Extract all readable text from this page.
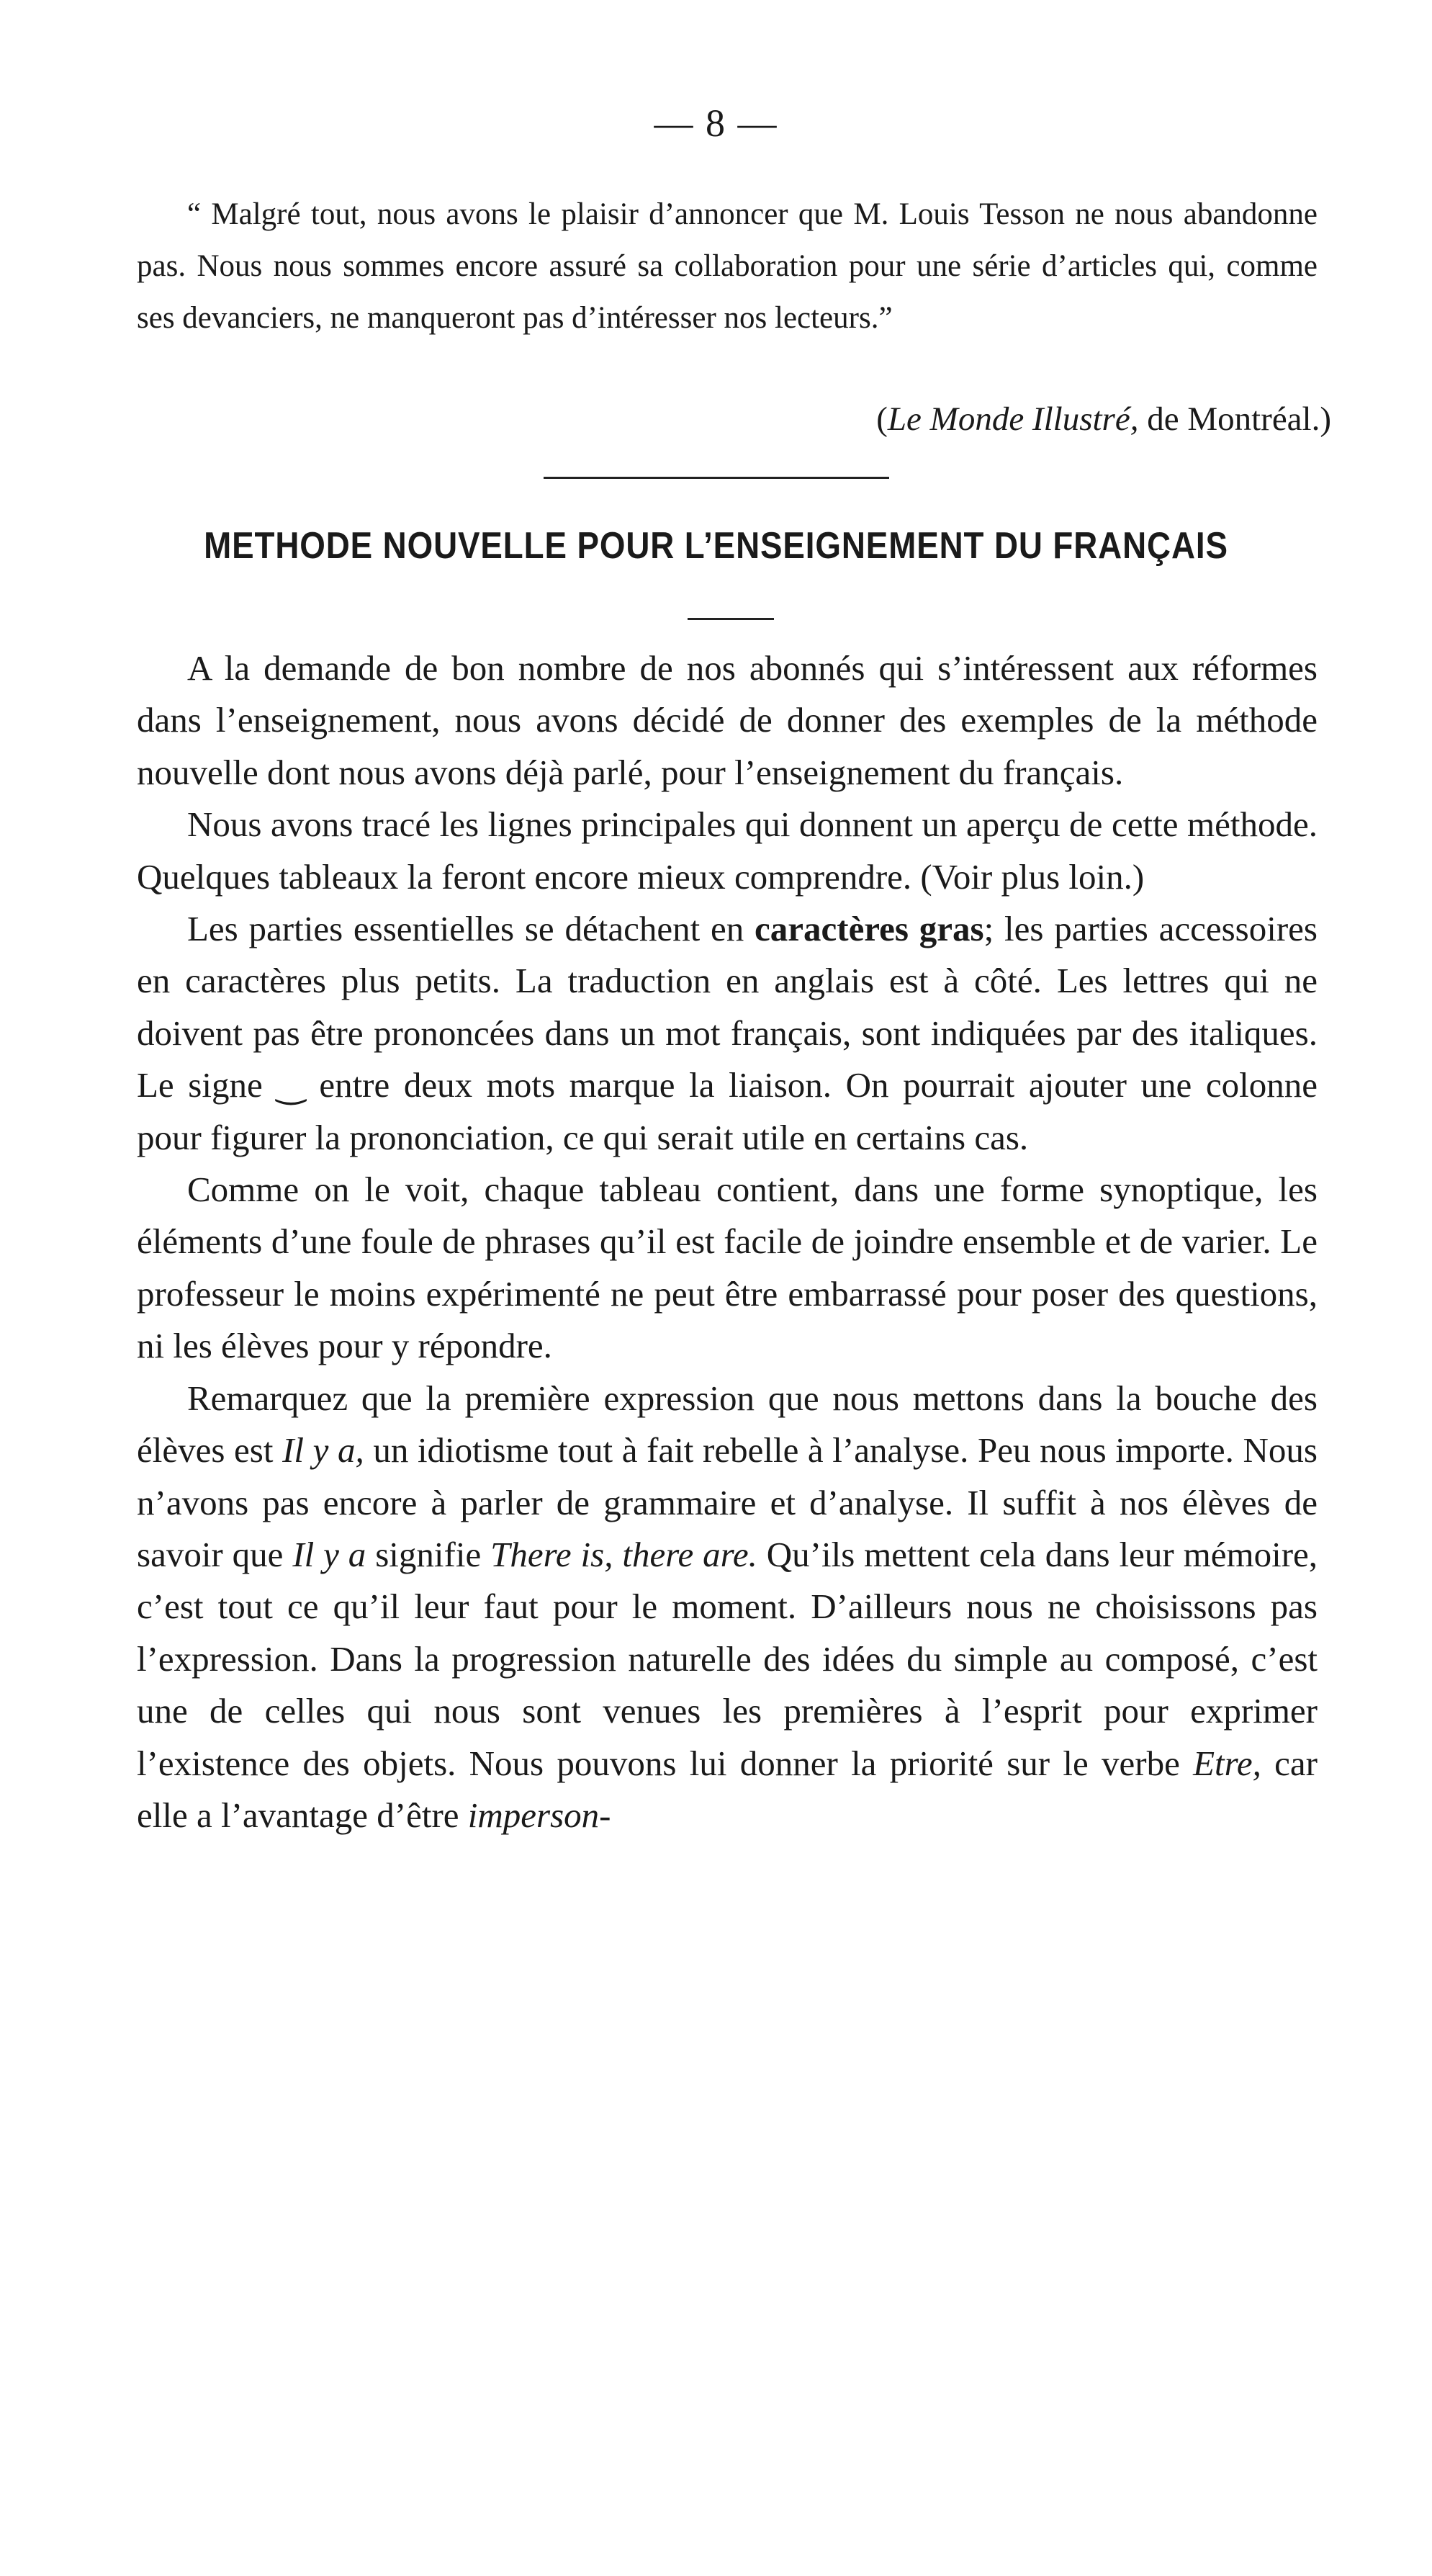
— 8 —

“ Malgré tout, nous avons le plaisir d’annoncer que M. Louis Tesson ne nous abandonne pas. Nous nous sommes encore assuré sa collaboration pour une série d’articles qui, comme ses devanciers, ne manqueront pas d’intéresser nos lecteurs.”

(Le Monde Illustré, de Montréal.)
METHODE NOUVELLE POUR L’ENSEIGNEMENT DU FRANÇAIS

A la demande de bon nombre de nos abonnés qui s’intéressent aux réformes dans l’enseignement, nous avons décidé de donner des exemples de la méthode nouvelle dont nous avons déjà parlé, pour l’enseignement du français.

Nous avons tracé les lignes principales qui donnent un aperçu de cette méthode. Quelques tableaux la feront encore mieux comprendre. (Voir plus loin.)

Les parties essentielles se détachent en caractères gras; les parties accessoires en caractères plus petits. La traduction en anglais est à côté. Les lettres qui ne doivent pas être prononcées dans un mot français, sont indiquées par des italiques. Le signe ‿ entre deux mots marque la liaison. On pourrait ajouter une colonne pour figurer la prononciation, ce qui serait utile en certains cas.

Comme on le voit, chaque tableau contient, dans une forme synoptique, les éléments d’une foule de phrases qu’il est facile de joindre ensemble et de varier. Le professeur le moins expérimenté ne peut être embarrassé pour poser des questions, ni les élèves pour y répondre.

Remarquez que la première expression que nous mettons dans la bouche des élèves est Il y a, un idiotisme tout à fait rebelle à l’analyse. Peu nous importe. Nous n’avons pas encore à parler de grammaire et d’analyse. Il suffit à nos élèves de savoir que Il y a signifie There is, there are. Qu’ils mettent cela dans leur mémoire, c’est tout ce qu’il leur faut pour le moment. D’ailleurs nous ne choisissons pas l’expression. Dans la progression naturelle des idées du simple au composé, c’est une de celles qui nous sont venues les premières à l’esprit pour exprimer l’existence des objets. Nous pouvons lui donner la priorité sur le verbe Etre, car elle a l’avantage d’être imperson-
